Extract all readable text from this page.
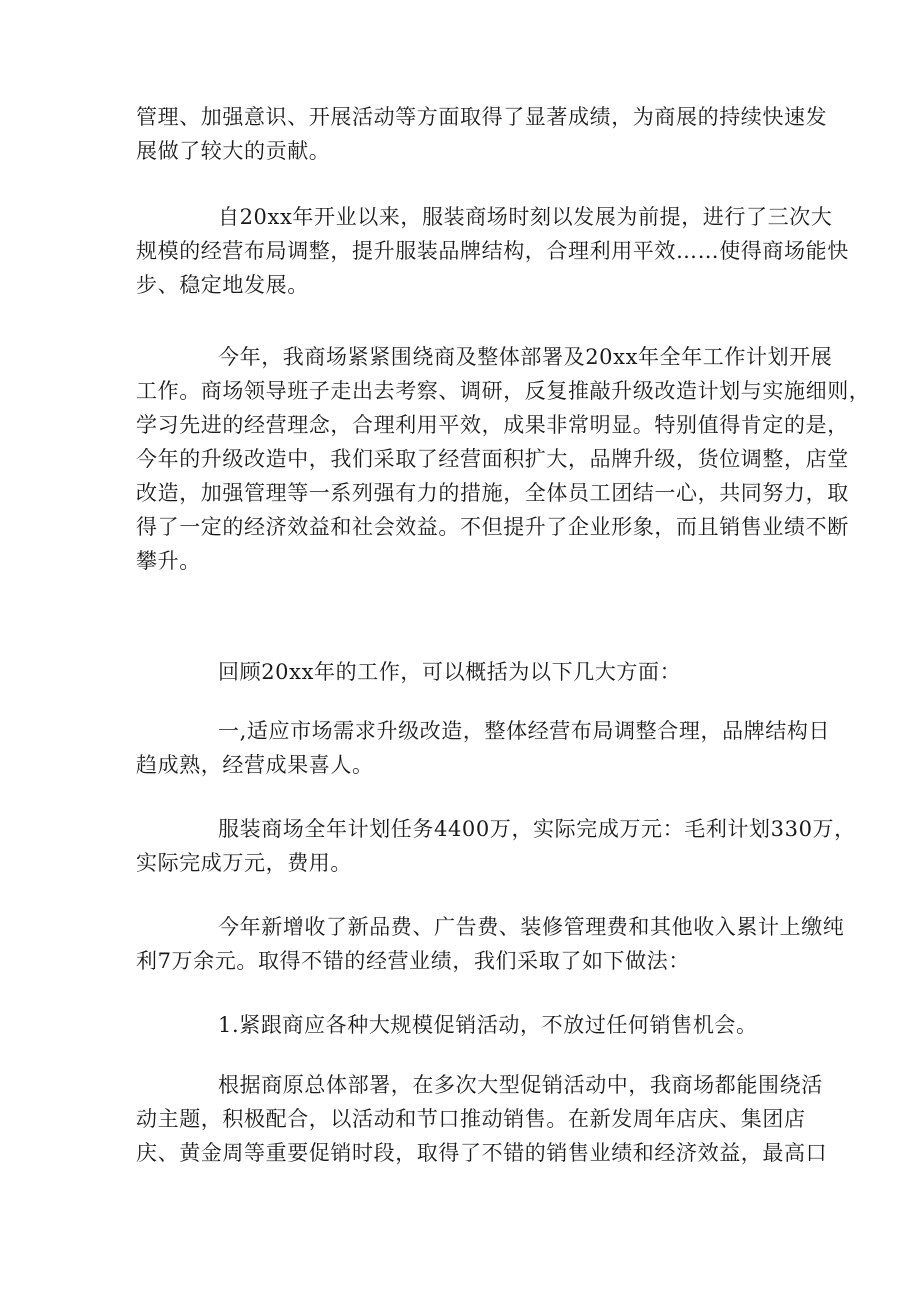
管理、加强意识、开展活动等方面取得了显著成绩，为商展的持续快速发
展做了较大的贡献。

自20xx年开业以来，服装商场时刻以发展为前提，进行了三次大
规模的经营布局调整，提升服装品牌结构，合理利用平效……使得商场能快
步、稳定地发展。

今年，我商场紧紧围绕商及整体部署及20xx年全年工作计划开展
工作。商场领导班子走出去考察、调研，反复推敲升级改造计划与实施细则，
学习先进的经营理念，合理利用平效，成果非常明显。特别值得肯定的是，
今年的升级改造中，我们采取了经营面积扩大，品牌升级，货位调整，店堂
改造，加强管理等一系列强有力的措施，全体员工团结一心，共同努力，取
得了一定的经济效益和社会效益。不但提升了企业形象，而且销售业绩不断
攀升。

回顾20xx年的工作，可以概括为以下几大方面：

一,适应市场需求升级改造，整体经营布局调整合理，品牌结构日
趋成熟，经营成果喜人。

服装商场全年计划任务4400万，实际完成万元：毛利计划330万，
实际完成万元，费用。

今年新增收了新品费、广告费、装修管理费和其他收入累计上缴纯
利7万余元。取得不错的经营业绩，我们采取了如下做法：

1.紧跟商应各种大规模促销活动，不放过任何销售机会。

根据商原总体部署，在多次大型促销活动中，我商场都能围绕活
动主题，积极配合，以活动和节口推动销售。在新发周年店庆、集团店
庆、黄金周等重要促销时段，取得了不错的销售业绩和经济效益，最高口
